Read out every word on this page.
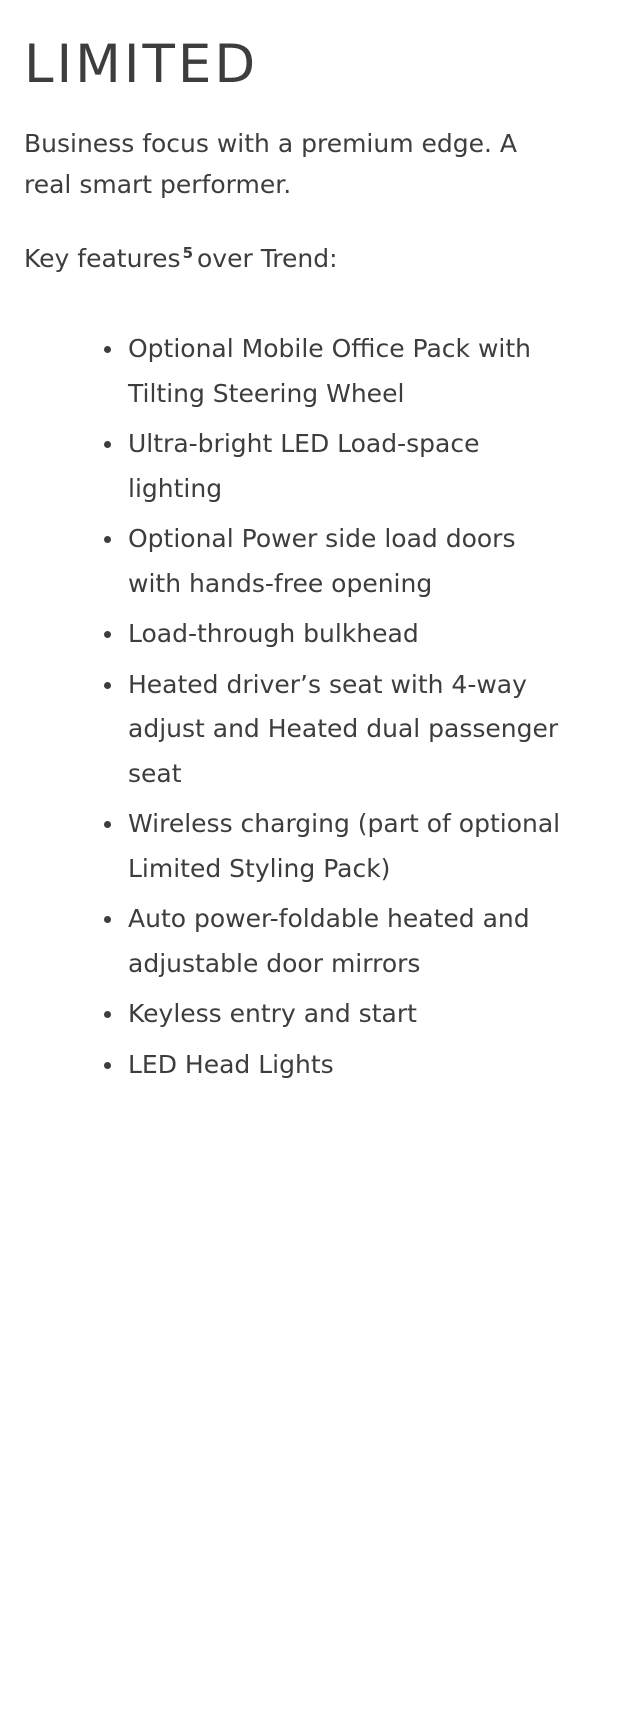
LIMITED

Business focus with a premium edge. A real smart performer.

Key features $^5$ over Trend:

Optional Mobile Office Pack with Tilting Steering Wheel
Ultra-bright LED Load-space lighting
Optional Power side load doors with hands-free opening
Load-through bulkhead
Heated driver’s seat with 4-way adjust and Heated dual passenger seat
Wireless charging (part of optional Limited Styling Pack)
Auto power-foldable heated and adjustable door mirrors
Keyless entry and start
LED Head Lights
